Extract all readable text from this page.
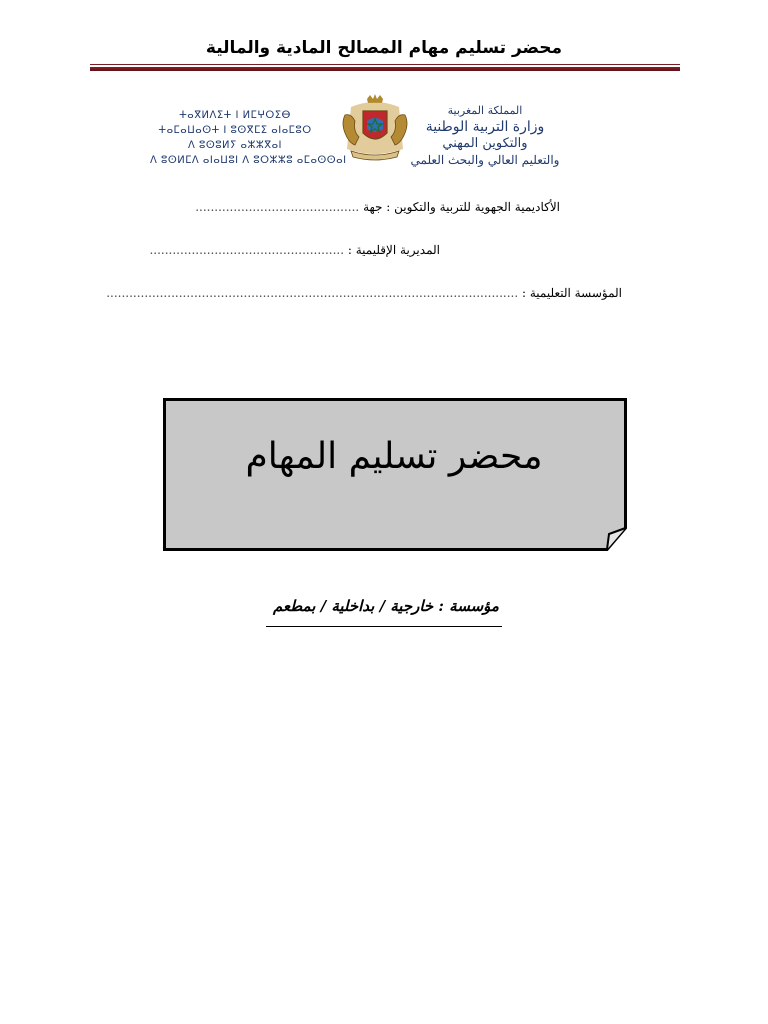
محضر تسليم مهام المصالح المادية والمالية
ⵜⴰⴳⵍⴷⵉⵜ ⵏ ⵍⵎⵖⵔⵉⴱ
ⵜⴰⵎⴰⵡⴰⵙⵜ ⵏ ⵓⵙⴳⵎⵉ ⴰⵏⴰⵎⵓⵔ
ⴷ ⵓⵙⵓⵍⵢ ⴰⵣⵣⴳⴰⵏ
ⴷ ⵓⵙⵍⵎⴷ ⴰⵏⴰⵡⵓⵏ ⴷ ⵓⵔⵣⵣⵓ ⴰⵎⴰⵙⵙⴰⵏ
المملكة المغربية
وزارة التربية الوطنية
والتكوين المهني
والتعليم العالي والبحث العلمي
الأكاديمية الجهوية للتربية والتكوين : جهة ...........................................
المديرية الإقليمية : ...................................................
المؤسسة التعليمية : ............................................................................................................
محضر تسليم المهام
مؤسسة : خارجية / بداخلية / بمطعم
